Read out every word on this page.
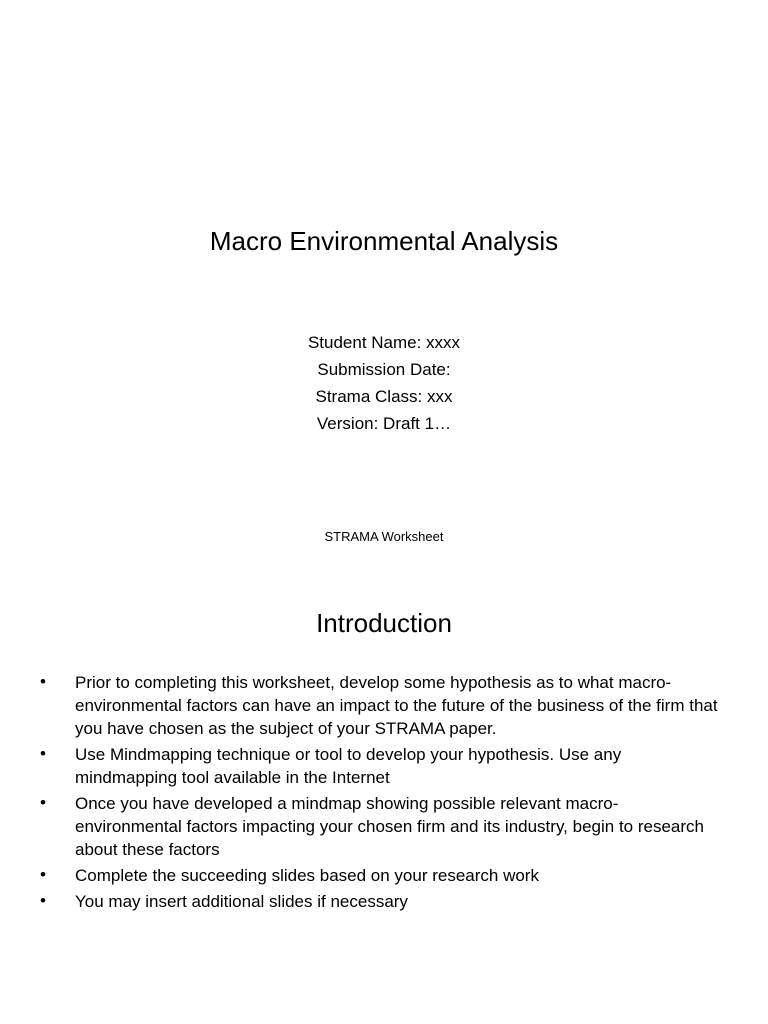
Macro Environmental Analysis
Student Name: xxxx
Submission Date:
Strama Class: xxx
Version: Draft 1…
STRAMA Worksheet
Introduction
• Prior to completing this worksheet, develop some hypothesis as to what macro-environmental factors can have an impact to the future of the business of the firm that you have chosen as the subject of your STRAMA paper.
• Use Mindmapping technique or tool to develop your hypothesis. Use any mindmapping tool available in the Internet
• Once you have developed a mindmap showing possible relevant macro-environmental factors impacting your chosen firm and its industry, begin to research about these factors
• Complete the succeeding slides based on your research work
• You may insert additional slides if necessary
